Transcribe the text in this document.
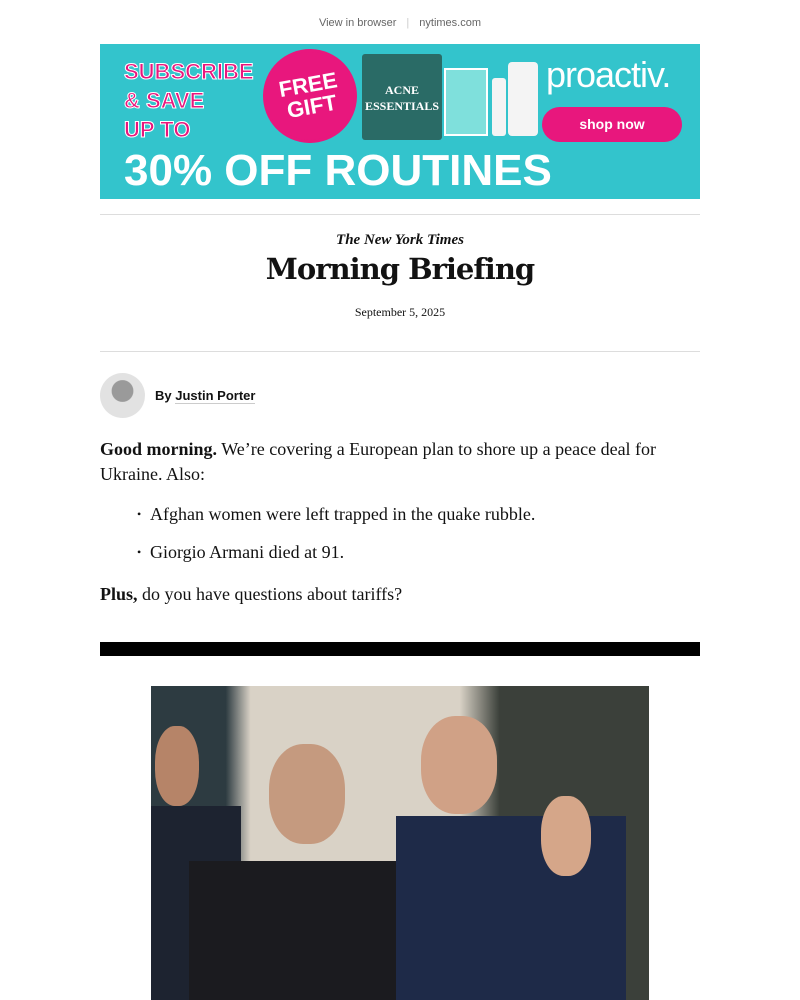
View in browser | nytimes.com
SUBSCRIBE
& SAVE
UP TO
FREE GIFT	ACNE ESSENTIALS
proactiv.
shop now
30% OFF ROUTINES
The New York Times
Morning Briefing
September 5, 2025
By Justin Porter
Good morning. We’re covering a European plan to shore up a peace deal for Ukraine. Also:
• Afghan women were left trapped in the quake rubble.
• Giorgio Armani died at 91.
Plus, do you have questions about tariffs?
